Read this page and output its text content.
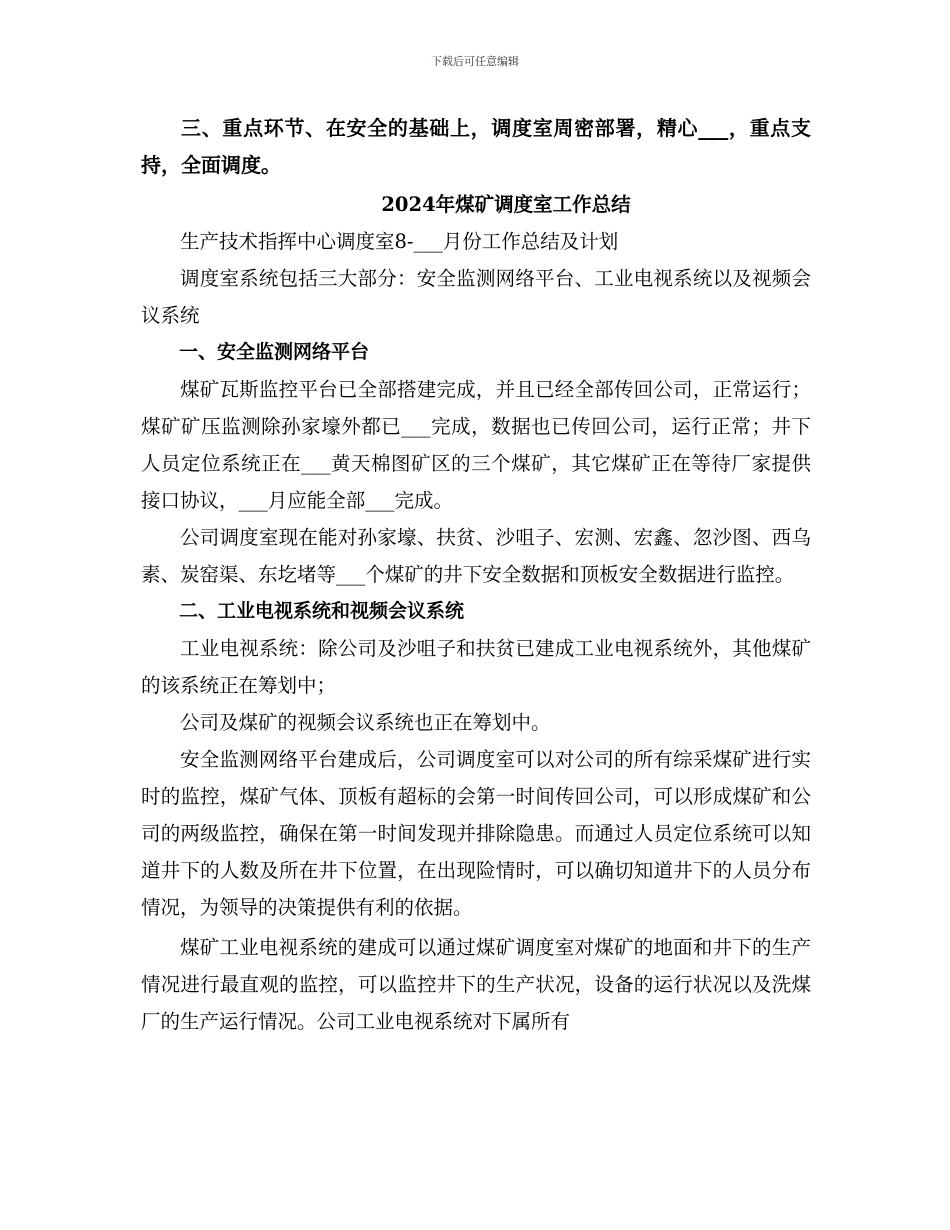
下载后可任意编辑

三、重点环节、在安全的基础上，调度室周密部署，精心___，重点支持，全面调度。

2024年煤矿调度室工作总结

生产技术指挥中心调度室8-___月份工作总结及计划

调度室系统包括三大部分：安全监测网络平台、工业电视系统以及视频会议系统

一、安全监测网络平台

煤矿瓦斯监控平台已全部搭建完成，并且已经全部传回公司，正常运行；煤矿矿压监测除孙家壕外都已___完成，数据也已传回公司，运行正常；井下人员定位系统正在___黄天棉图矿区的三个煤矿，其它煤矿正在等待厂家提供接口协议，___月应能全部___完成。

公司调度室现在能对孙家壕、扶贫、沙咀子、宏测、宏鑫、忽沙图、西乌素、炭窑渠、东圪堵等___个煤矿的井下安全数据和顶板安全数据进行监控。

二、工业电视系统和视频会议系统

工业电视系统：除公司及沙咀子和扶贫已建成工业电视系统外，其他煤矿的该系统正在筹划中；

公司及煤矿的视频会议系统也正在筹划中。

安全监测网络平台建成后，公司调度室可以对公司的所有综采煤矿进行实时的监控，煤矿气体、顶板有超标的会第一时间传回公司，可以形成煤矿和公司的两级监控，确保在第一时间发现并排除隐患。而通过人员定位系统可以知道井下的人数及所在井下位置，在出现险情时，可以确切知道井下的人员分布情况，为领导的决策提供有利的依据。

煤矿工业电视系统的建成可以通过煤矿调度室对煤矿的地面和井下的生产情况进行最直观的监控，可以监控井下的生产状况，设备的运行状况以及洗煤厂的生产运行情况。公司工业电视系统对下属所有
